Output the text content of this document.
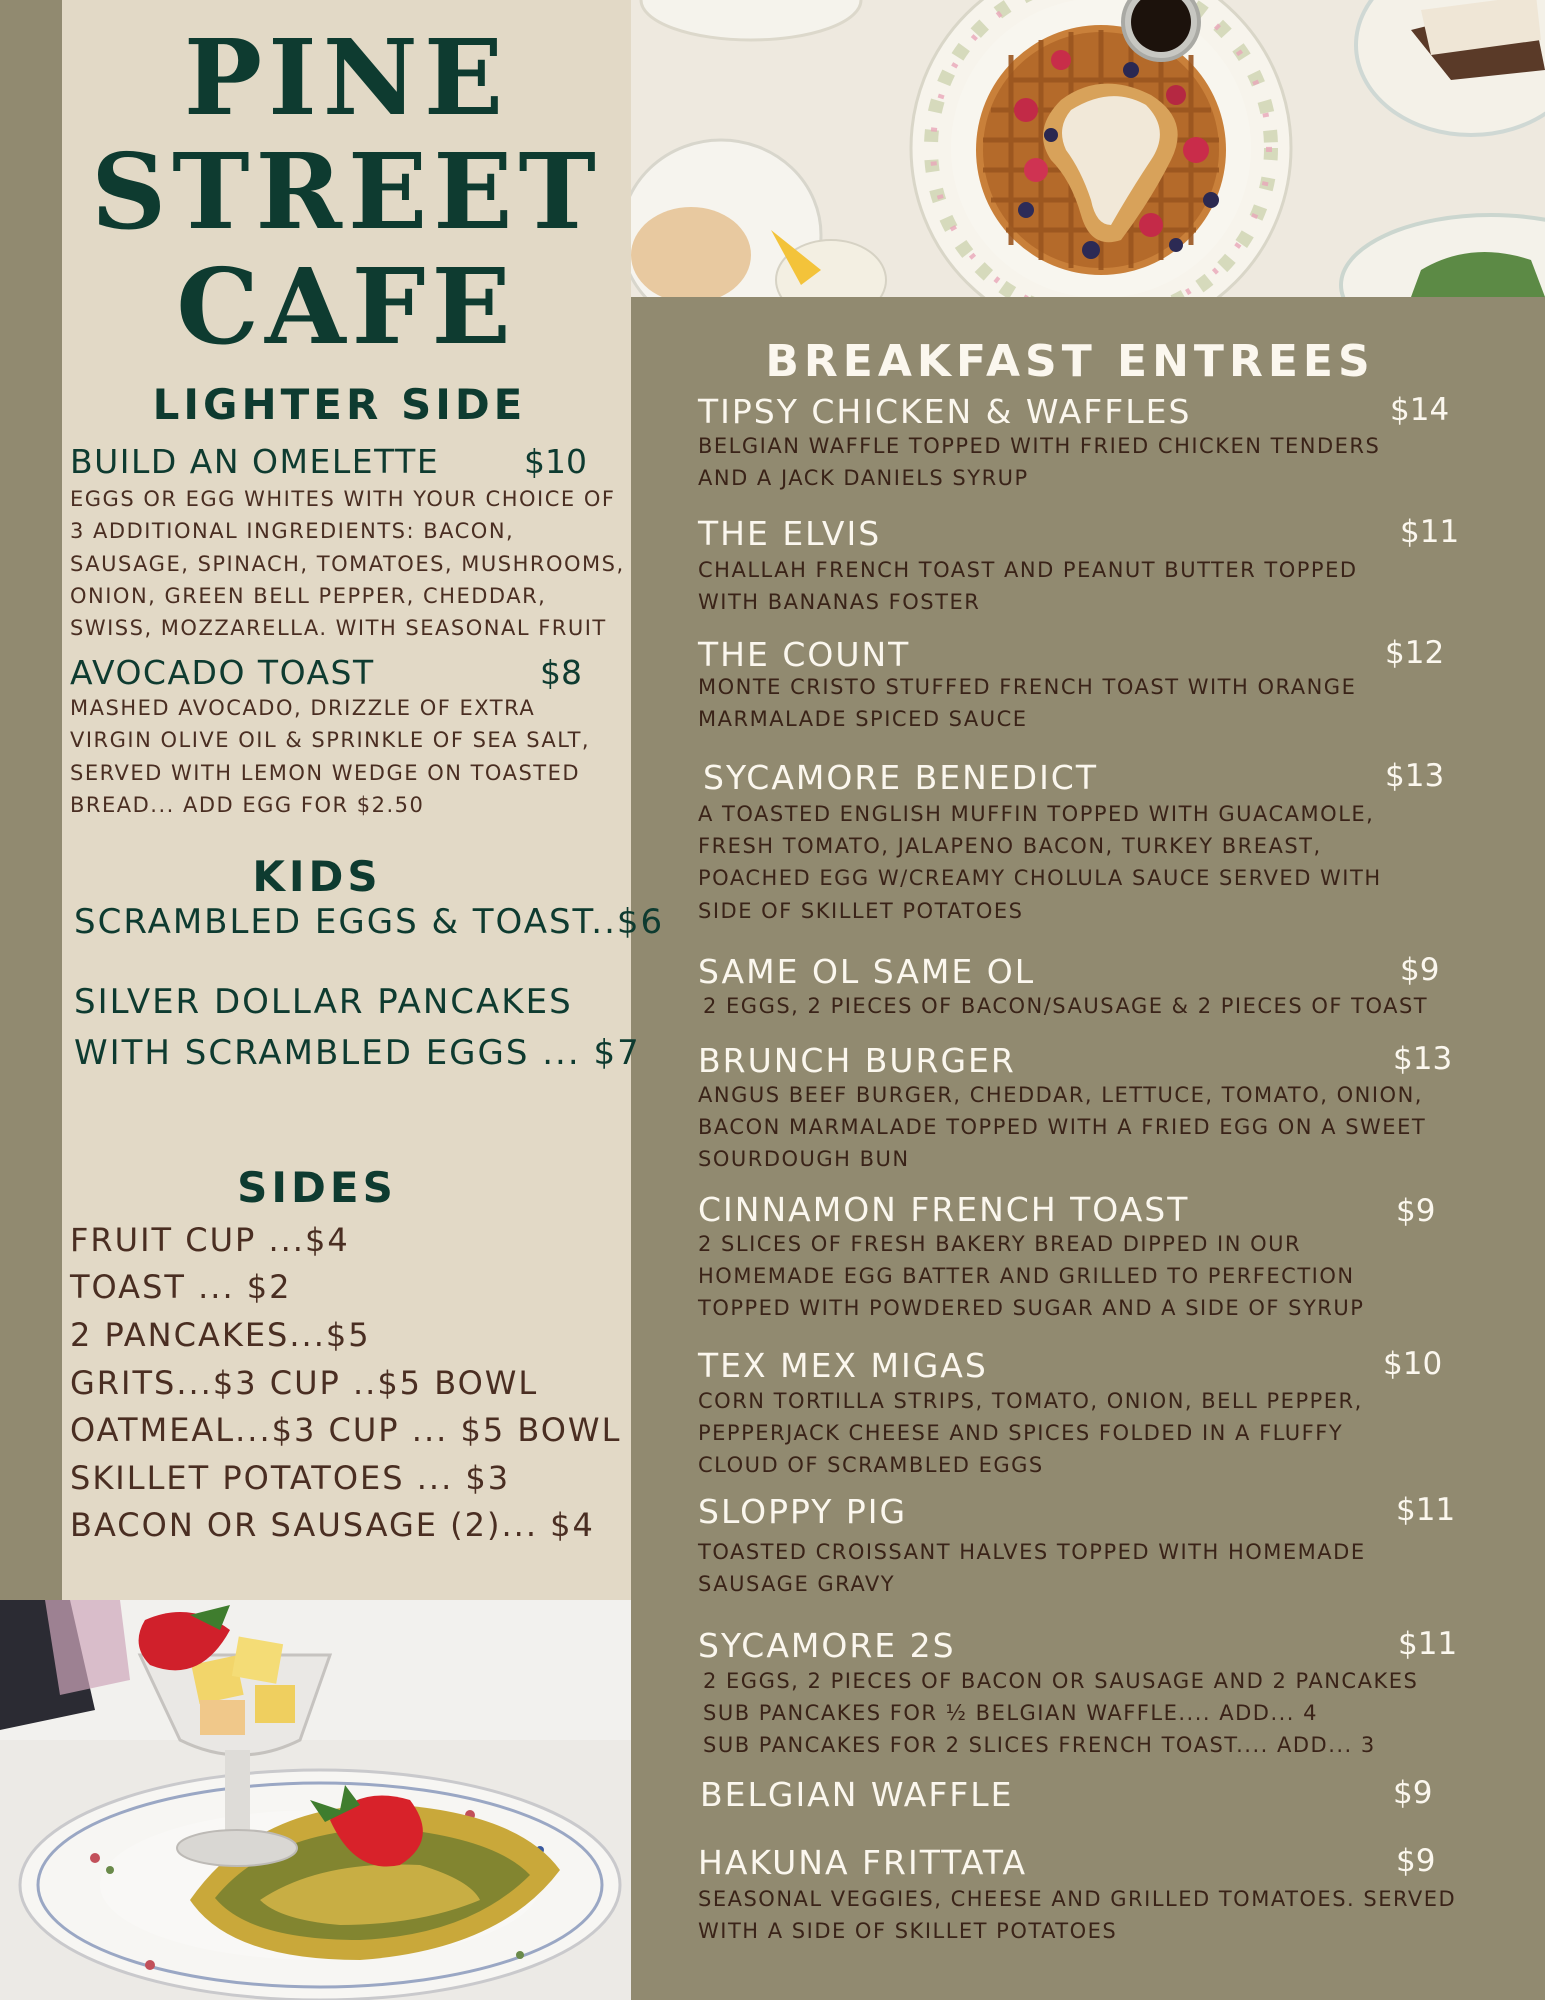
PINE
STREET
CAFE
LIGHTER SIDE
BUILD AN OMELETTE	$10
EGGS OR EGG WHITES WITH YOUR CHOICE OF
3 ADDITIONAL INGREDIENTS: BACON,
SAUSAGE, SPINACH, TOMATOES, MUSHROOMS,
ONION, GREEN BELL PEPPER, CHEDDAR,
SWISS, MOZZARELLA. WITH SEASONAL FRUIT
AVOCADO TOAST	$8
MASHED AVOCADO, DRIZZLE OF EXTRA
VIRGIN OLIVE OIL & SPRINKLE OF SEA SALT,
SERVED WITH LEMON WEDGE ON TOASTED
BREAD... ADD EGG FOR $2.50
KIDS
SCRAMBLED EGGS & TOAST..$6
SILVER DOLLAR PANCAKES
WITH SCRAMBLED EGGS ... $7
SIDES
FRUIT CUP ...$4
TOAST ... $2
2 PANCAKES...$5
GRITS...$3 CUP ..$5 BOWL
OATMEAL...$3 CUP ... $5 BOWL
SKILLET POTATOES ... $3
BACON OR SAUSAGE (2)... $4
BREAKFAST ENTREES
TIPSY CHICKEN & WAFFLES	$14
BELGIAN WAFFLE TOPPED WITH FRIED CHICKEN TENDERS
AND A JACK DANIELS SYRUP
THE ELVIS	$11
CHALLAH FRENCH TOAST AND PEANUT BUTTER TOPPED
WITH BANANAS FOSTER
THE COUNT	$12
MONTE CRISTO STUFFED FRENCH TOAST WITH ORANGE
MARMALADE SPICED SAUCE
SYCAMORE BENEDICT	$13
A TOASTED ENGLISH MUFFIN TOPPED WITH GUACAMOLE,
FRESH TOMATO, JALAPENO BACON, TURKEY BREAST,
POACHED EGG W/CREAMY CHOLULA SAUCE SERVED WITH
SIDE OF SKILLET POTATOES
SAME OL SAME OL	$9
2 EGGS, 2 PIECES OF BACON/SAUSAGE & 2 PIECES OF TOAST
BRUNCH BURGER	$13
ANGUS BEEF BURGER, CHEDDAR, LETTUCE, TOMATO, ONION,
BACON MARMALADE TOPPED WITH A FRIED EGG ON A SWEET
SOURDOUGH BUN
CINNAMON FRENCH TOAST	$9
2 SLICES OF FRESH BAKERY BREAD DIPPED IN OUR
HOMEMADE EGG BATTER AND GRILLED TO PERFECTION
TOPPED WITH POWDERED SUGAR AND A SIDE OF SYRUP
TEX MEX MIGAS	$10
CORN TORTILLA STRIPS, TOMATO, ONION, BELL PEPPER,
PEPPERJACK CHEESE AND SPICES FOLDED IN A FLUFFY
CLOUD OF SCRAMBLED EGGS
SLOPPY PIG	$11
TOASTED CROISSANT HALVES TOPPED WITH HOMEMADE
SAUSAGE GRAVY
SYCAMORE 2S	$11
2 EGGS, 2 PIECES OF BACON OR SAUSAGE AND 2 PANCAKES
SUB PANCAKES FOR ½ BELGIAN WAFFLE.... ADD... 4
SUB PANCAKES FOR 2 SLICES FRENCH TOAST.... ADD... 3
BELGIAN WAFFLE	$9
HAKUNA FRITTATA	$9
SEASONAL VEGGIES, CHEESE AND GRILLED TOMATOES. SERVED
WITH A SIDE OF SKILLET POTATOES
